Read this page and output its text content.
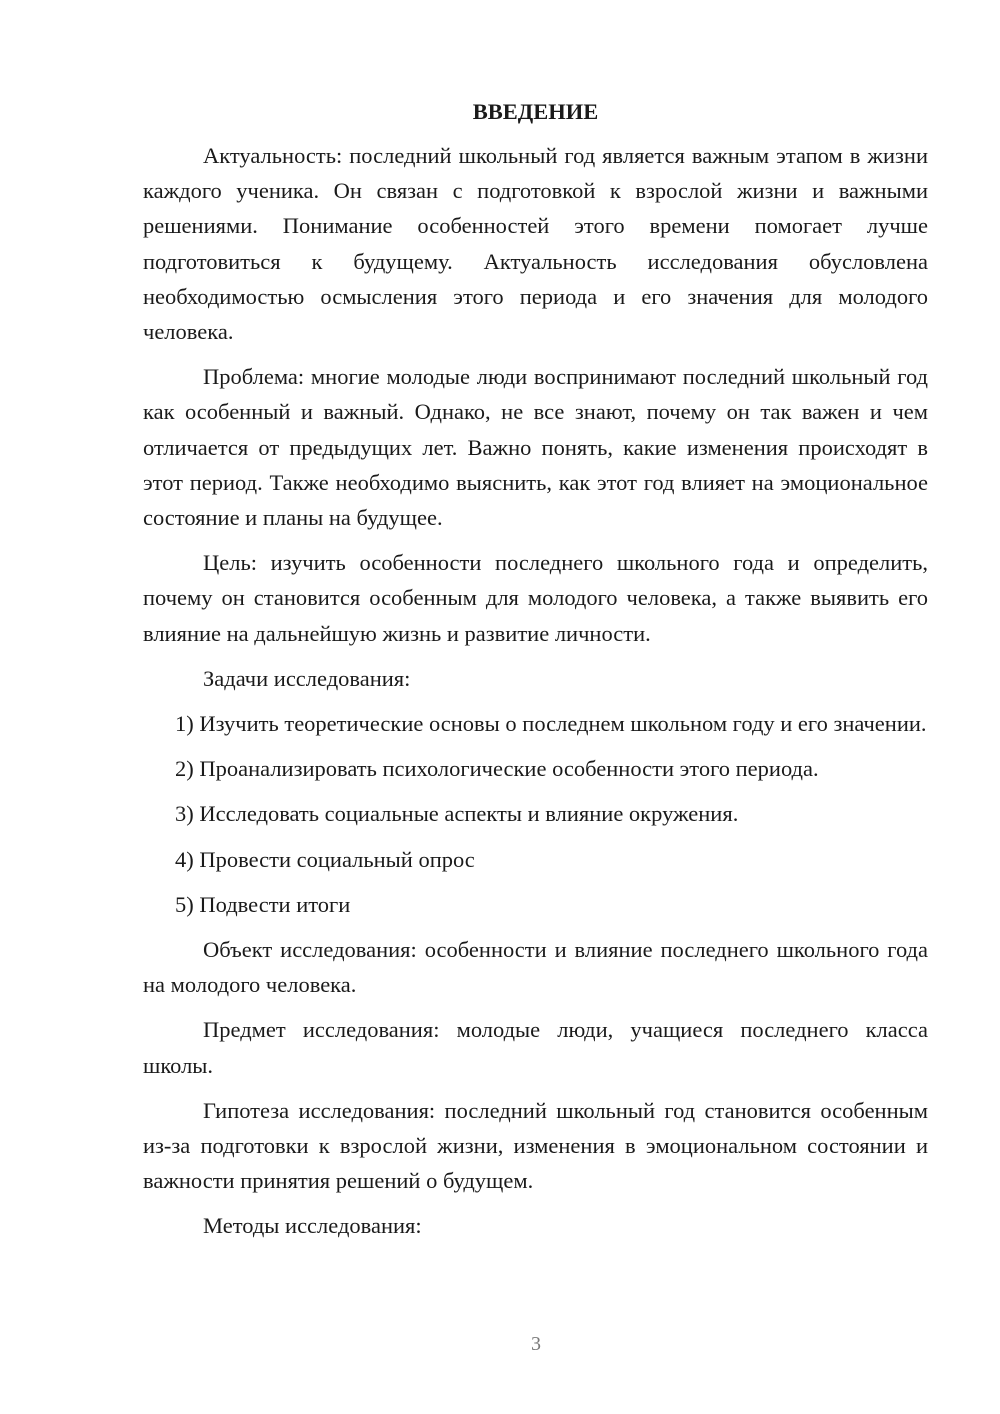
ВВЕДЕНИЕ

Актуальность: последний школьный год является важным этапом в жизни каждого ученика. Он связан с подготовкой к взрослой жизни и важными решениями. Понимание особенностей этого времени помогает лучше подготовиться к будущему. Актуальность исследования обусловлена необходимостью осмысления этого периода и его значения для молодого человека.

Проблема: многие молодые люди воспринимают последний школьный год как особенный и важный. Однако, не все знают, почему он так важен и чем отличается от предыдущих лет. Важно понять, какие изменения происходят в этот период. Также необходимо выяснить, как этот год влияет на эмоциональное состояние и планы на будущее.

Цель: изучить особенности последнего школьного года и определить, почему он становится особенным для молодого человека, а также выявить его влияние на дальнейшую жизнь и развитие личности.

Задачи исследования:

1) Изучить теоретические основы о последнем школьном году и его значении.

2) Проанализировать психологические особенности этого периода.

3) Исследовать социальные аспекты и влияние окружения.

4) Провести социальный опрос

5) Подвести итоги

Объект исследования: особенности и влияние последнего школьного года на молодого человека.

Предмет исследования: молодые люди, учащиеся последнего класса школы.

Гипотеза исследования: последний школьный год становится особенным из-за подготовки к взрослой жизни, изменения в эмоциональном состоянии и важности принятия решений о будущем.

Методы исследования:

3
